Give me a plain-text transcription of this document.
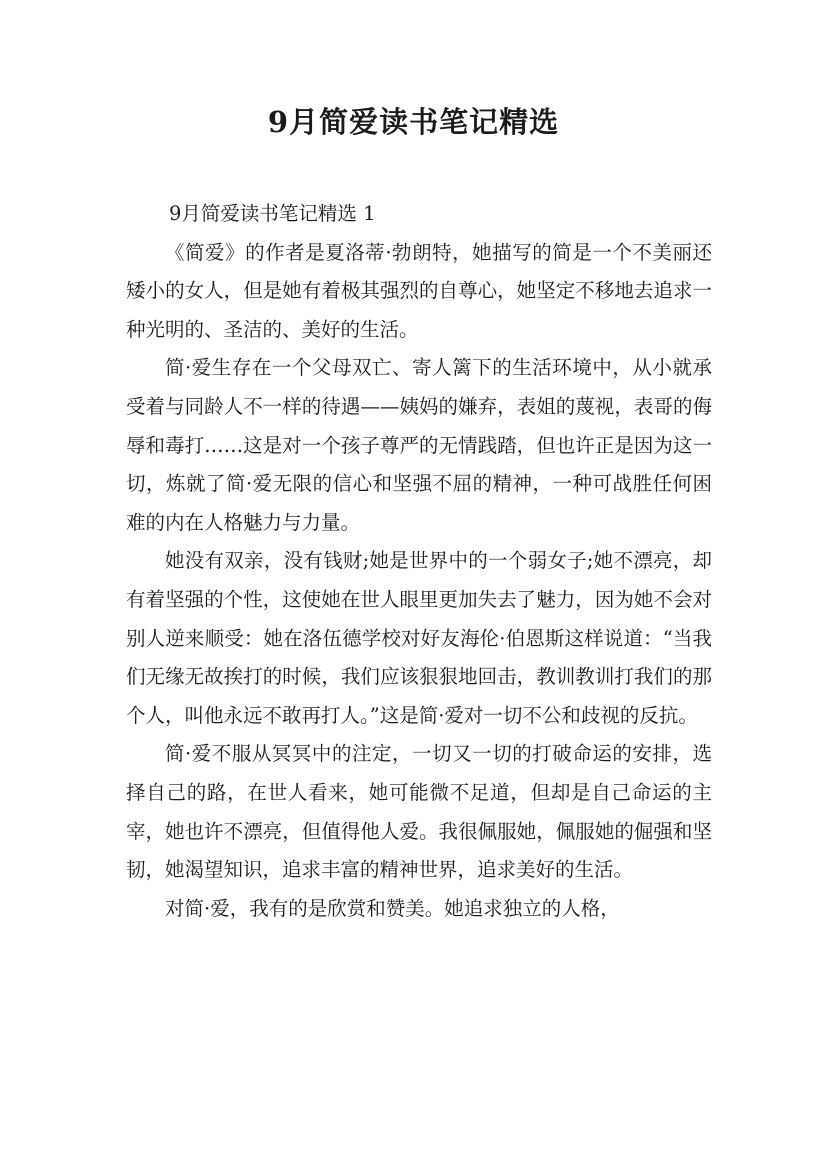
9月简爱读书笔记精选

9月简爱读书笔记精选 1

《简爱》的作者是夏洛蒂·勃朗特，她描写的简是一个不美丽还矮小的女人，但是她有着极其强烈的自尊心，她坚定不移地去追求一种光明的、圣洁的、美好的生活。

简·爱生存在一个父母双亡、寄人篱下的生活环境中，从小就承受着与同龄人不一样的待遇——姨妈的嫌弃，表姐的蔑视，表哥的侮辱和毒打……这是对一个孩子尊严的无情践踏，但也许正是因为这一切，炼就了简·爱无限的信心和坚强不屈的精神，一种可战胜任何困难的内在人格魅力与力量。

她没有双亲，没有钱财;她是世界中的一个弱女子;她不漂亮，却有着坚强的个性，这使她在世人眼里更加失去了魅力，因为她不会对别人逆来顺受：她在洛伍德学校对好友海伦·伯恩斯这样说道：“当我们无缘无故挨打的时候，我们应该狠狠地回击，教训教训打我们的那个人，叫他永远不敢再打人。”这是简·爱对一切不公和歧视的反抗。

简·爱不服从冥冥中的注定，一切又一切的打破命运的安排，选择自己的路，在世人看来，她可能微不足道，但却是自己命运的主宰，她也许不漂亮，但值得他人爱。我很佩服她，佩服她的倔强和坚韧，她渴望知识，追求丰富的精神世界，追求美好的生活。

对简·爱，我有的是欣赏和赞美。她追求独立的人格，
